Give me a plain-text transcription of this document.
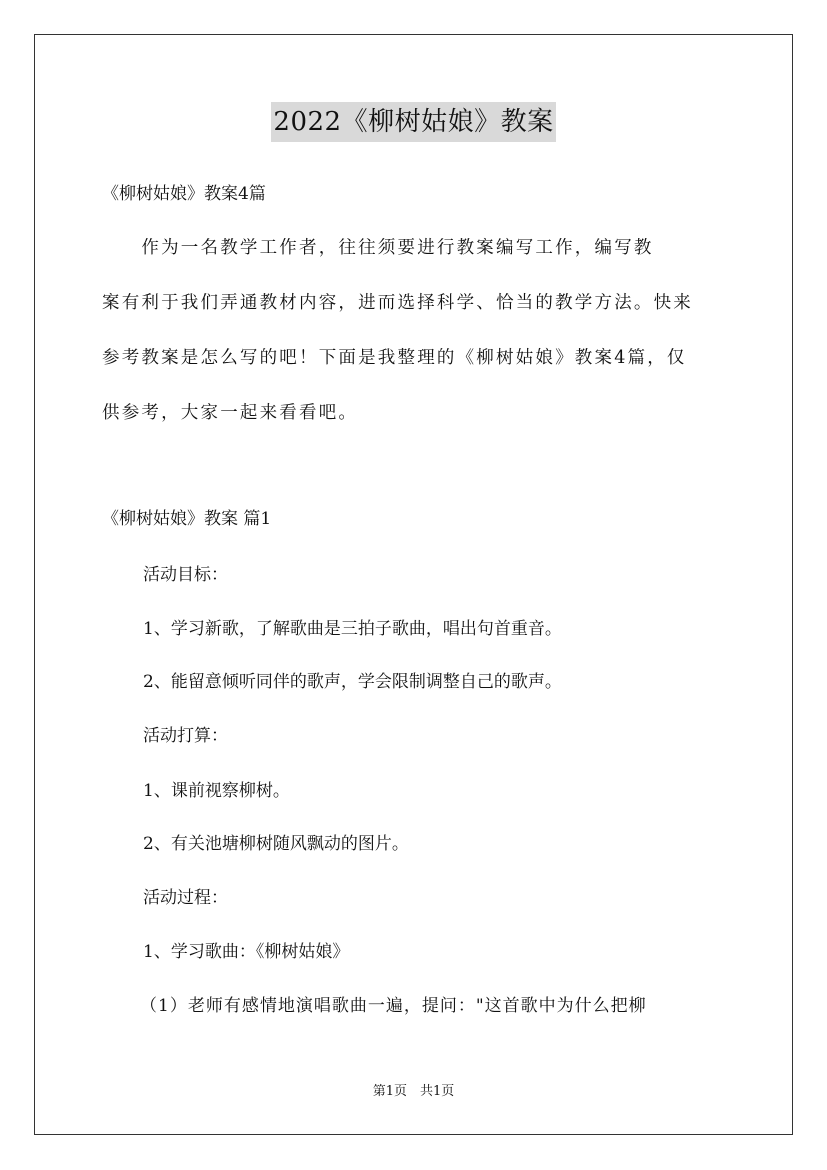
2022《柳树姑娘》教案
《柳树姑娘》教案4篇
　　作为一名教学工作者，往往须要进行教案编写工作，编写教
案有利于我们弄通教材内容，进而选择科学、恰当的教学方法。快来
参考教案是怎么写的吧！下面是我整理的《柳树姑娘》教案4篇，仅
供参考，大家一起来看看吧。
《柳树姑娘》教案 篇1
活动目标：
1、学习新歌，了解歌曲是三拍子歌曲，唱出句首重音。
2、能留意倾听同伴的歌声，学会限制调整自己的歌声。
活动打算：
1、课前视察柳树。
2、有关池塘柳树随风飘动的图片。
活动过程：
1、学习歌曲：《柳树姑娘》
（1）老师有感情地演唱歌曲一遍，提问："这首歌中为什么把柳
第1页　共1页
